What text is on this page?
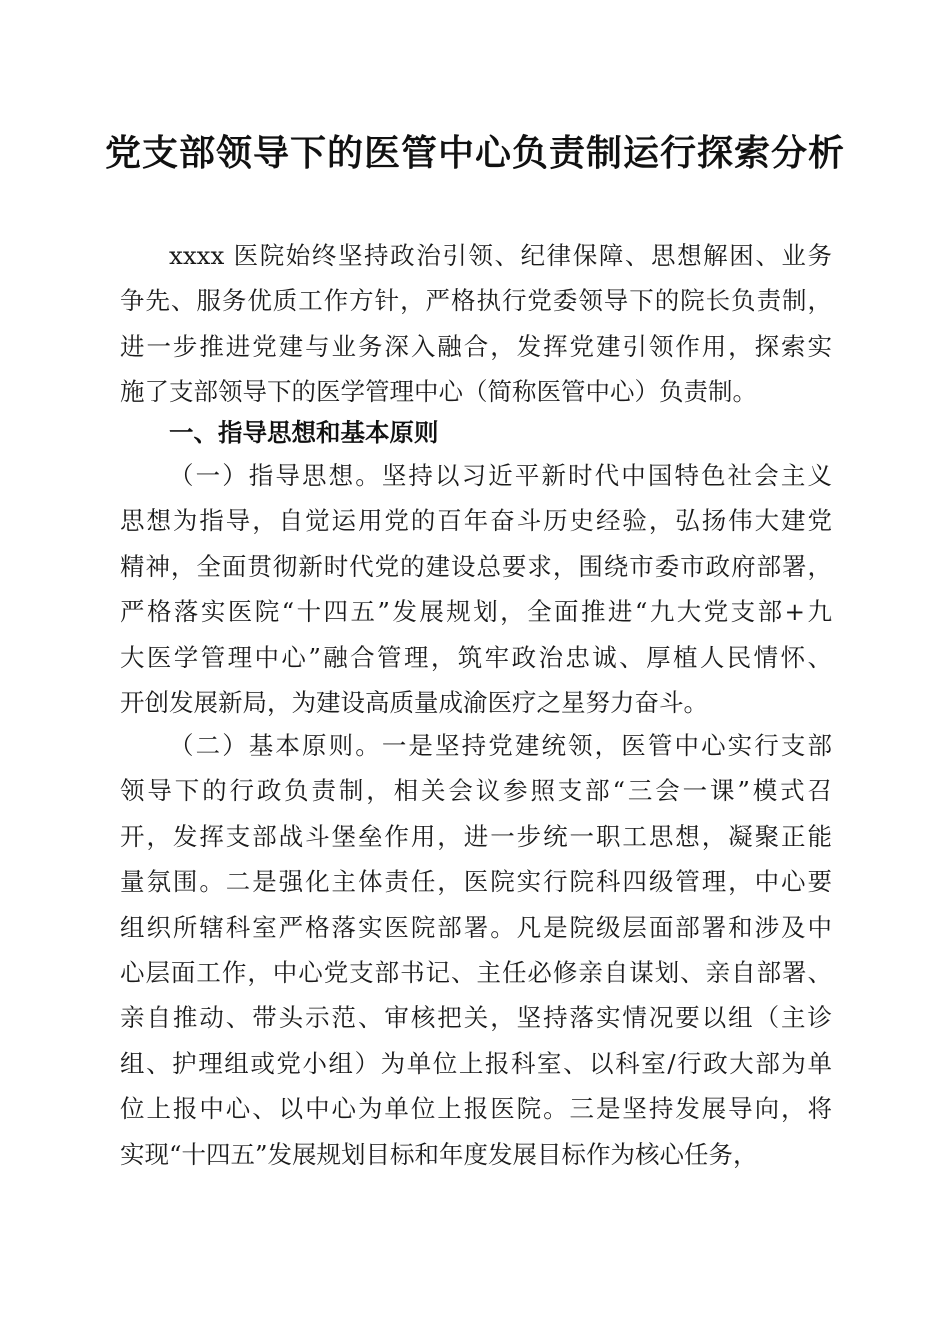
党支部领导下的医管中心负责制运行探索分析
xxxx 医院始终坚持政治引领、纪律保障、思想解困、业务
争先、服务优质工作方针，严格执行党委领导下的院长负责制，
进一步推进党建与业务深入融合，发挥党建引领作用，探索实
施了支部领导下的医学管理中心（简称医管中心）负责制。
一、指导思想和基本原则
（一）指导思想。坚持以习近平新时代中国特色社会主义
思想为指导，自觉运用党的百年奋斗历史经验，弘扬伟大建党
精神，全面贯彻新时代党的建设总要求，围绕市委市政府部署，
严格落实医院“十四五”发展规划，全面推进“九大党支部+九
大医学管理中心”融合管理，筑牢政治忠诚、厚植人民情怀、
开创发展新局，为建设高质量成渝医疗之星努力奋斗。
（二）基本原则。一是坚持党建统领，医管中心实行支部
领导下的行政负责制，相关会议参照支部“三会一课”模式召
开，发挥支部战斗堡垒作用，进一步统一职工思想，凝聚正能
量氛围。二是强化主体责任，医院实行院科四级管理，中心要
组织所辖科室严格落实医院部署。凡是院级层面部署和涉及中
心层面工作，中心党支部书记、主任必修亲自谋划、亲自部署、
亲自推动、带头示范、审核把关，坚持落实情况要以组（主诊
组、护理组或党小组）为单位上报科室、以科室/行政大部为单
位上报中心、以中心为单位上报医院。三是坚持发展导向，将
实现“十四五”发展规划目标和年度发展目标作为核心任务，
